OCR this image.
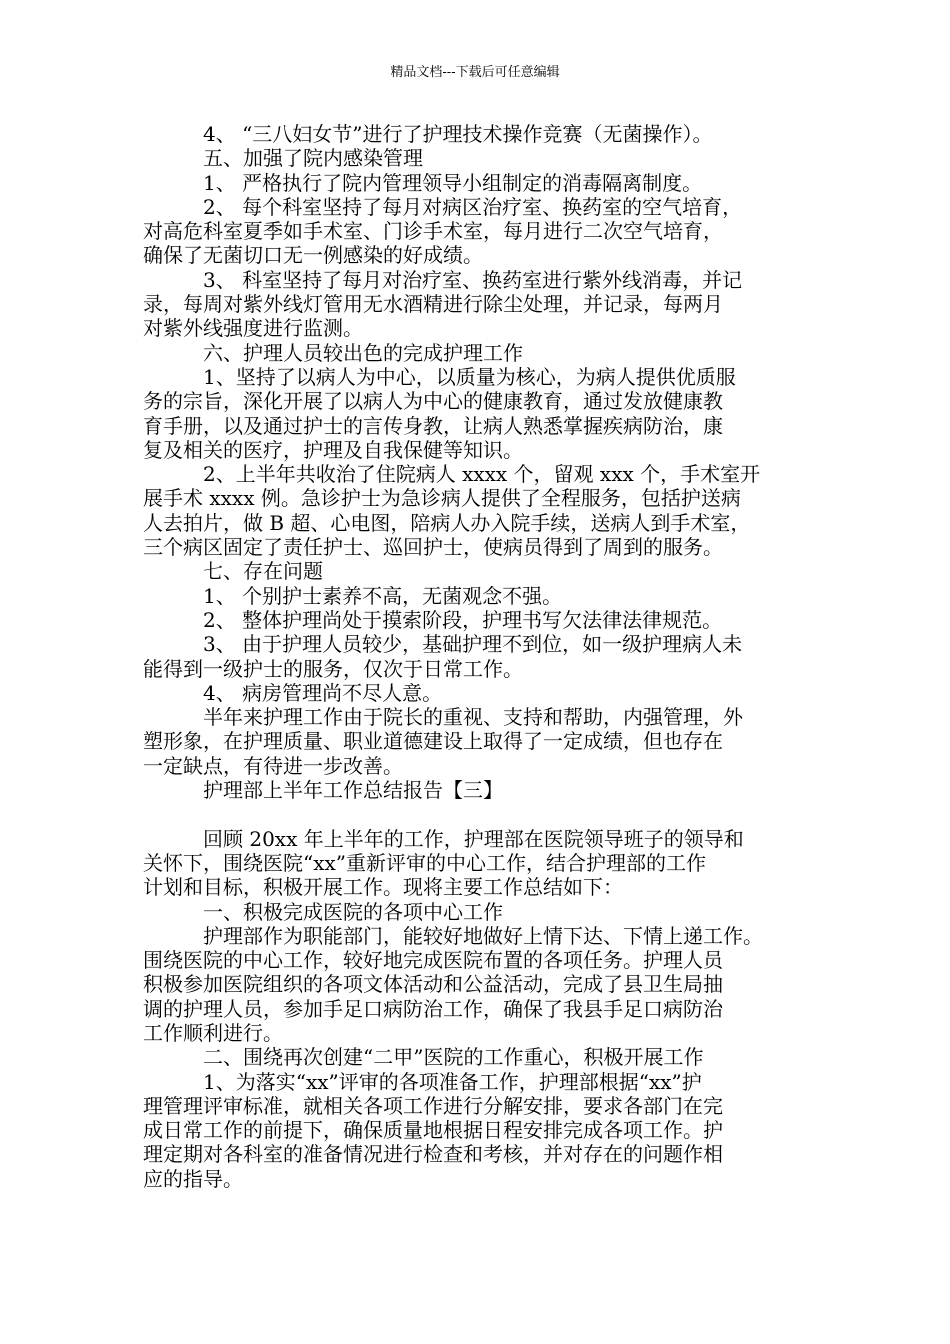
精品文档---下载后可任意编辑
4、 “三八妇女节”进行了护理技术操作竞赛（无菌操作）。
五、加强了院内感染管理
1、 严格执行了院内管理领导小组制定的消毒隔离制度。
2、 每个科室坚持了每月对病区治疗室、换药室的空气培育，
对高危科室夏季如手术室、门诊手术室，每月进行二次空气培育，
确保了无菌切口无一例感染的好成绩。
3、 科室坚持了每月对治疗室、换药室进行紫外线消毒，并记
录，每周对紫外线灯管用无水酒精进行除尘处理，并记录，每两月
对紫外线强度进行监测。
六、护理人员较出色的完成护理工作
1、坚持了以病人为中心，以质量为核心，为病人提供优质服
务的宗旨，深化开展了以病人为中心的健康教育，通过发放健康教
育手册，以及通过护士的言传身教，让病人熟悉掌握疾病防治，康
复及相关的医疗，护理及自我保健等知识。
2、上半年共收治了住院病人 xxxx 个，留观 xxx 个，手术室开
展手术 xxxx 例。急诊护士为急诊病人提供了全程服务，包括护送病
人去拍片，做 B 超、心电图，陪病人办入院手续，送病人到手术室，
三个病区固定了责任护士、巡回护士，使病员得到了周到的服务。
七、存在问题
1、 个别护士素养不高，无菌观念不强。
2、 整体护理尚处于摸索阶段，护理书写欠法律法律规范。
3、 由于护理人员较少，基础护理不到位，如一级护理病人未
能得到一级护士的服务，仅次于日常工作。
4、 病房管理尚不尽人意。
半年来护理工作由于院长的重视、支持和帮助，内强管理，外
塑形象，在护理质量、职业道德建设上取得了一定成绩，但也存在
一定缺点，有待进一步改善。
护理部上半年工作总结报告【三】
回顾 20xx 年上半年的工作，护理部在医院领导班子的领导和
关怀下，围绕医院“xx”重新评审的中心工作，结合护理部的工作
计划和目标，积极开展工作。现将主要工作总结如下：
一、积极完成医院的各项中心工作
护理部作为职能部门，能较好地做好上情下达、下情上递工作。
围绕医院的中心工作，较好地完成医院布置的各项任务。护理人员
积极参加医院组织的各项文体活动和公益活动，完成了县卫生局抽
调的护理人员，参加手足口病防治工作，确保了我县手足口病防治
工作顺利进行。
二、围绕再次创建“二甲”医院的工作重心，积极开展工作
1、为落实“xx”评审的各项准备工作，护理部根据“xx”护
理管理评审标准，就相关各项工作进行分解安排，要求各部门在完
成日常工作的前提下，确保质量地根据日程安排完成各项工作。护
理定期对各科室的准备情况进行检查和考核，并对存在的问题作相
应的指导。
